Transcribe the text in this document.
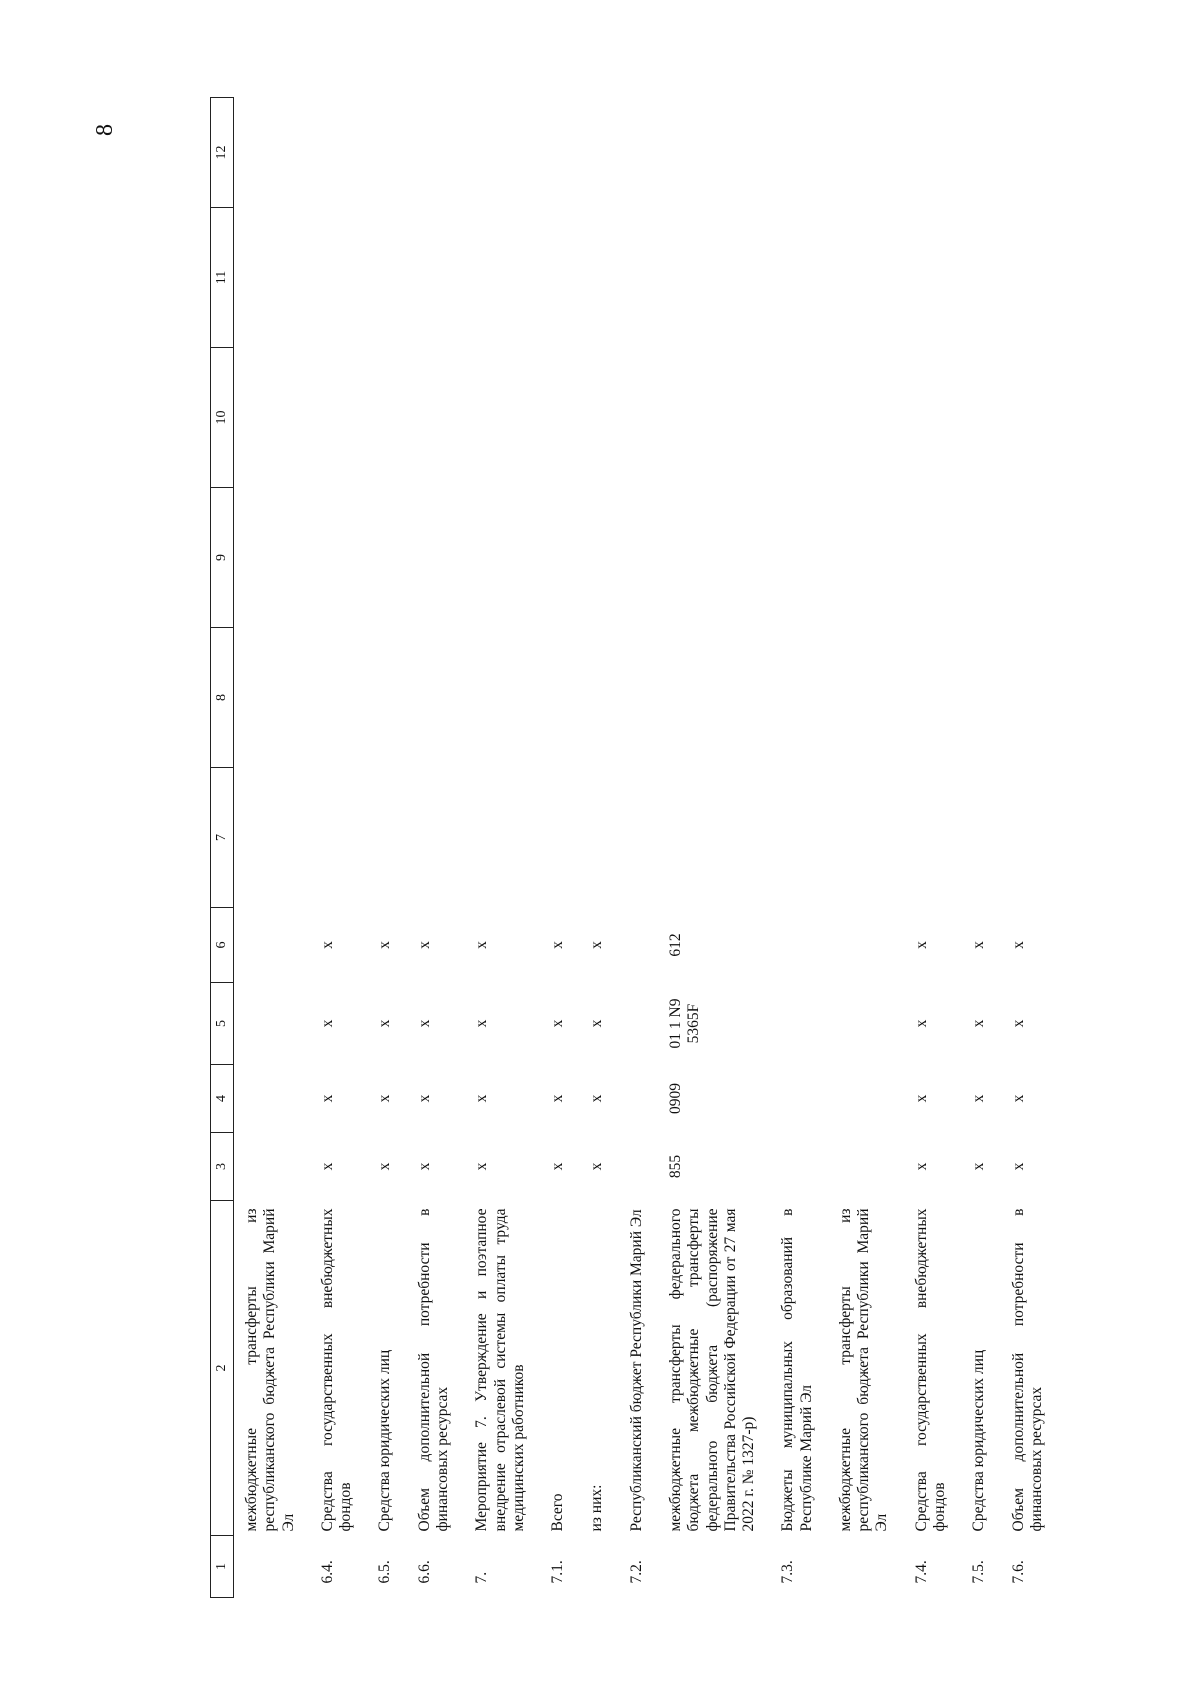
8
1	2	3	4	5	6	7	8	9	10	11	12
	межбюджетные трансферты из республиканского бюджета Республики Марий Эл										
6.4.	Средства государственных внебюджетных фондов	х	х	х	х						
6.5.	Средства юридических лиц	х	х	х	х						
6.6.	Объем дополнительной потребности в финансовых ресурсах	х	х	х	х						
7.	Мероприятие 7. Утверждение и поэтапное внедрение отраслевой системы оплаты труда медицинских работников	х	х	х	х						
7.1.	Всего	х	х	х	х						
	из них:	х	х	х	х						
7.2.	Республиканский бюджет Республики Марий Эл										
	межбюджетные трансферты федерального бюджета межбюджетные трансферты федерального бюджета (распоряжение Правительства Российской Федерации от 27 мая 2022 г. № 1327-р)	855	0909	01 1 N9 5365F	612						
7.3.	Бюджеты муниципальных образований в Республике Марий Эл										
	межбюджетные трансферты из республиканского бюджета Республики Марий Эл										
7.4.	Средства государственных внебюджетных фондов	х	х	х	х						
7.5.	Средства юридических лиц	х	х	х	х						
7.6.	Объем дополнительной потребности в финансовых ресурсах	х	х	х	х						
